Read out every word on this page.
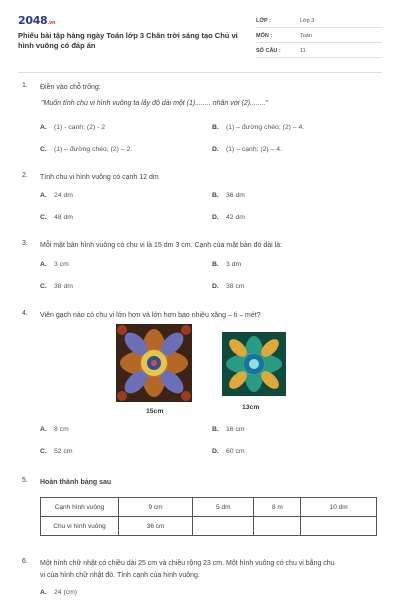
2048.vn
Phiếu bài tập hàng ngày Toán lớp 3 Chân trời sáng tạo Chủ vi hình vuông có đáp án
LỚP :	Lớp 3
MÔN :	Toán
SỐ CÂU :	11
1. Điền vào chỗ trống:
"Muốn tính chu vi hình vuông ta lấy độ dài một (1)........ nhân với (2)........"
A. (1) - cạnh; (2) - 2	B. (1) – đường chéo; (2) – 4.
C. (1) – đường chéo; (2) – 2.	D. (1) – cạnh; (2) – 4.
2. Tính chu vi hình vuông có cạnh 12 dm
A. 24 dm	B. 36 dm
C. 48 dm	D. 42 dm
3. Mỗi mặt bàn hình vuông có chu vi là 15 dm 3 cm. Cạnh của mặt bàn đó dài là:
A. 3 cm	B. 3 dm
C. 38 dm	D. 38 cm
4. Viên gạch nào có chu vi lớn hơn và lớn hơn bao nhiêu xăng – ti – mét?
15cm
13cm
A. 8 cm	B. 16 cm
C. 52 cm	D. 60 cm
5. Hoàn thành bảng sau
Cạnh hình vuông	9 cm	5 dm	8 m	10 dm
Chu vi hình vuông	36 cm			
6. Một hình chữ nhật có chiều dài 25 cm và chiều rộng 23 cm. Một hình vuông có chu vi bằng chu
vi của hình chữ nhật đó. Tính cạnh của hình vuông.
A. 24 (cm)
